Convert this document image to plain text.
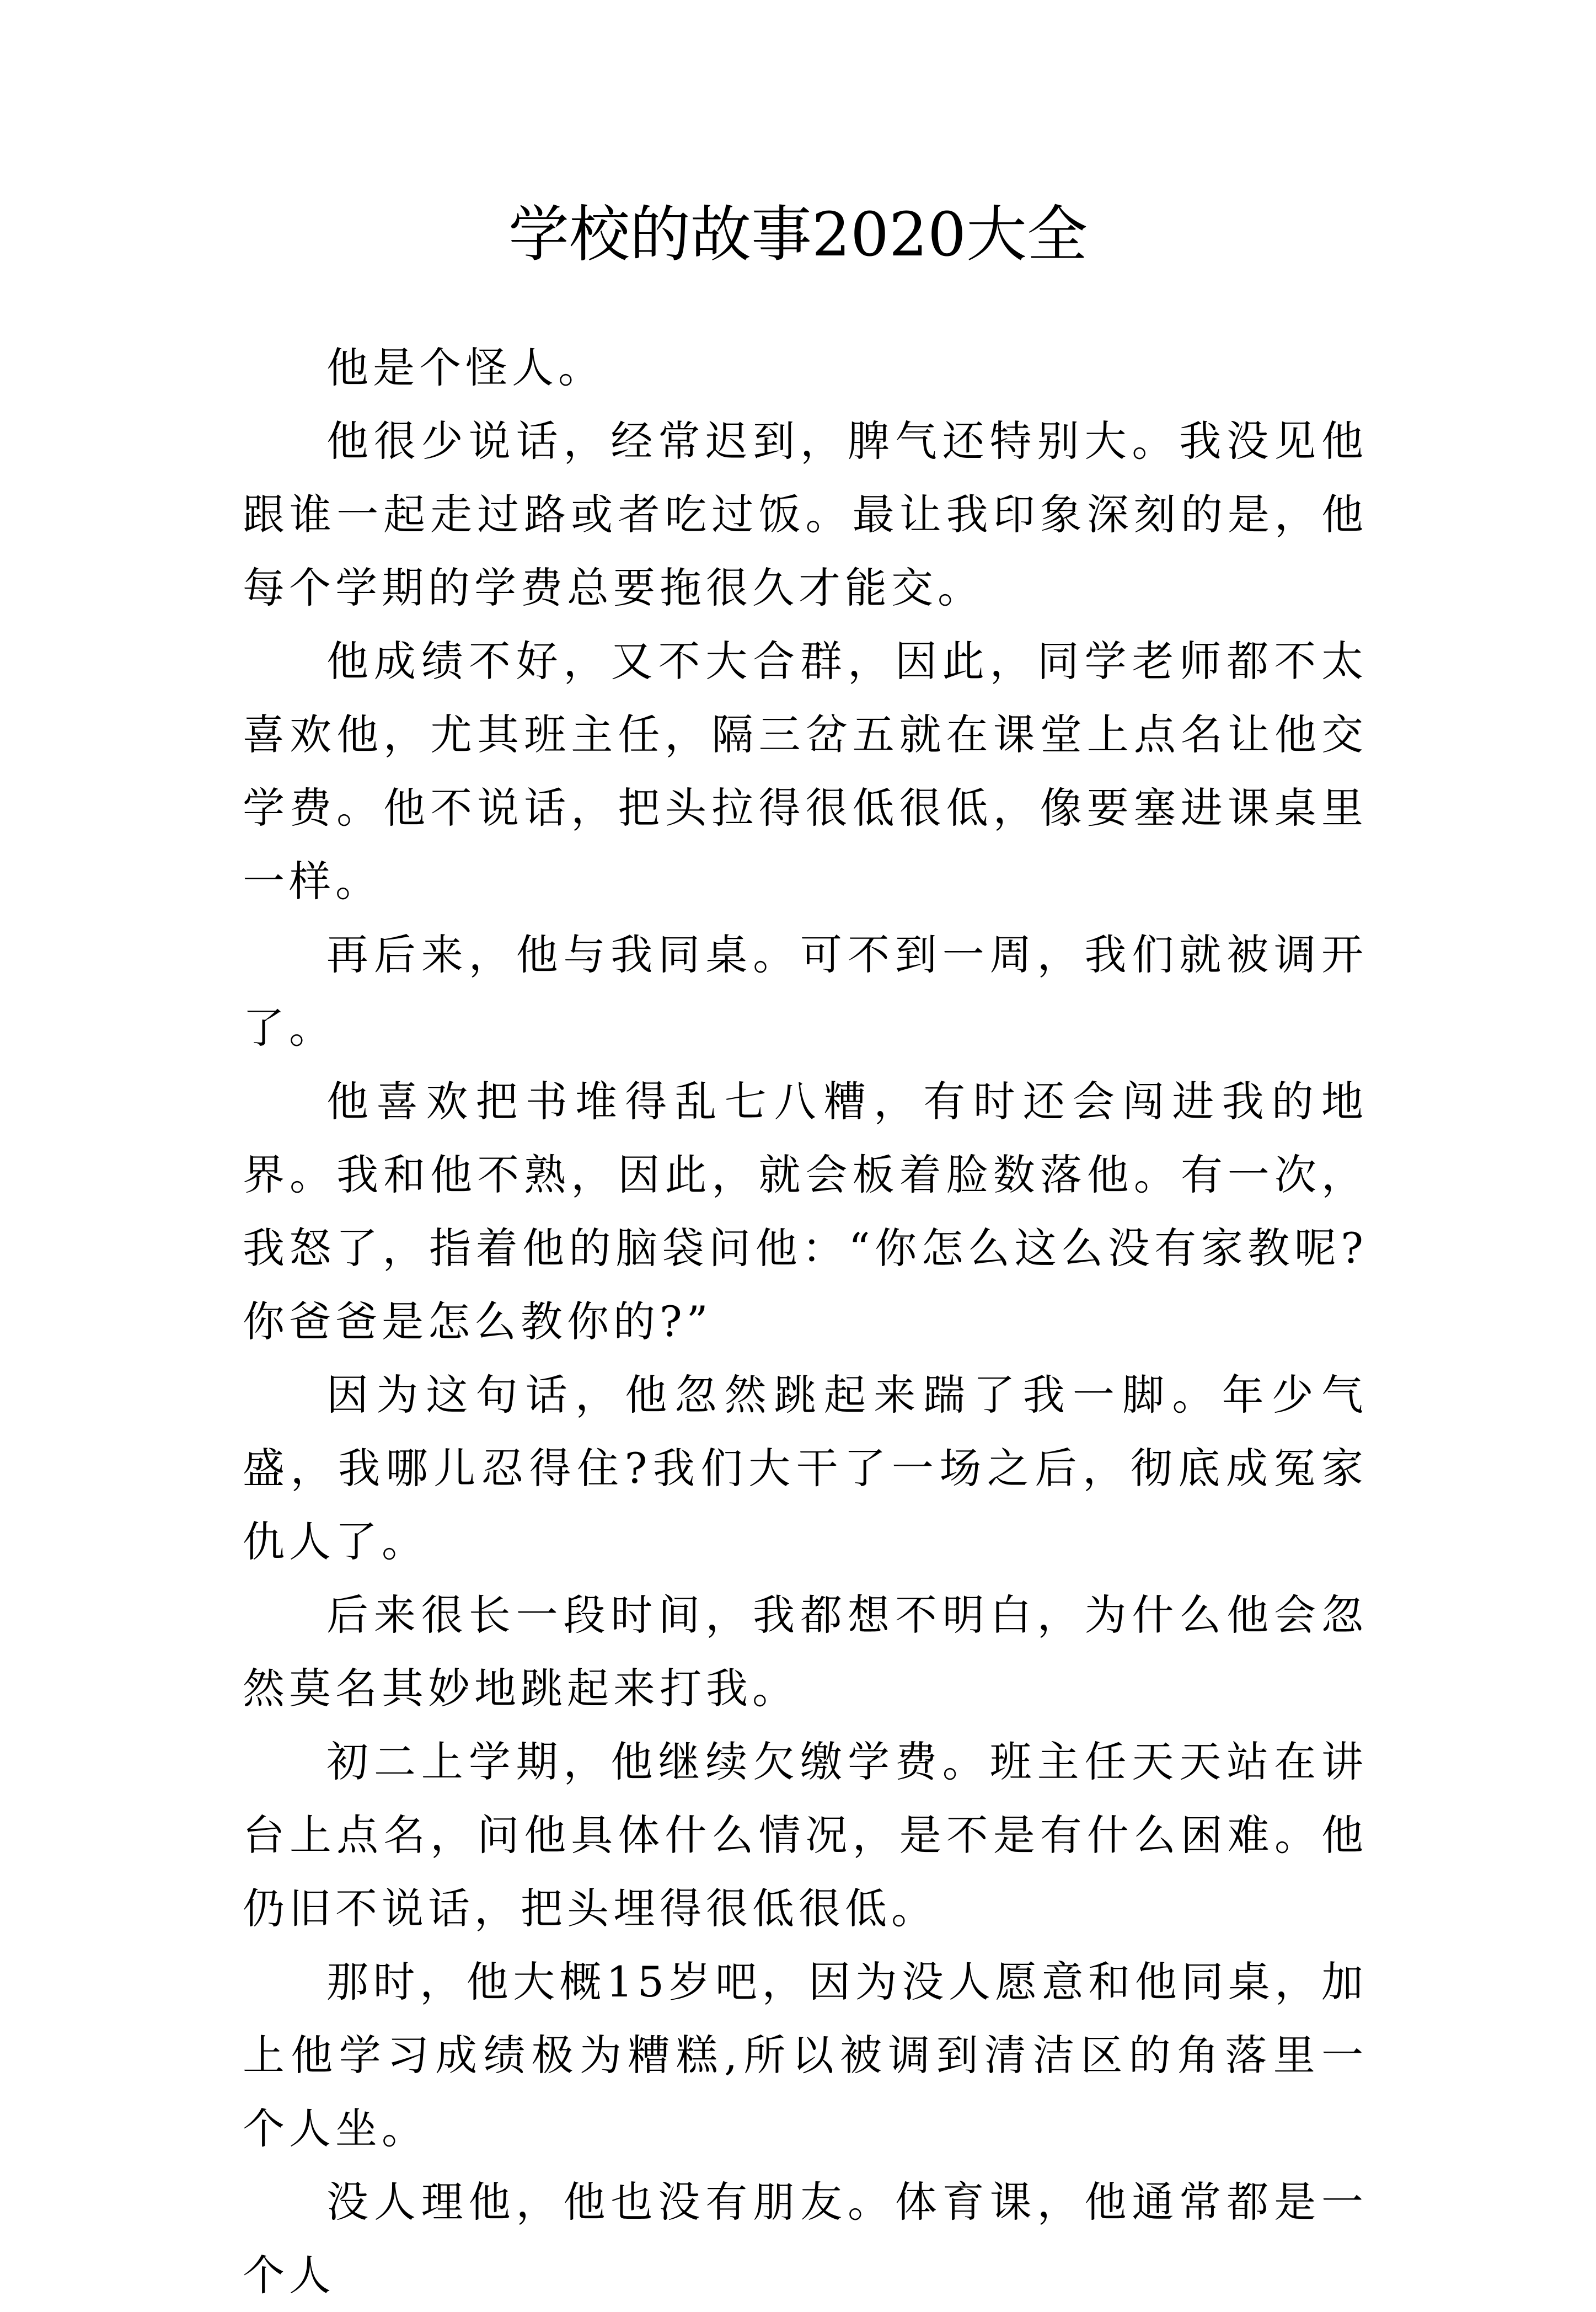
学校的故事2020大全

他是个怪人。

他很少说话，经常迟到，脾气还特别大。我没见他跟谁一起走过路或者吃过饭。最让我印象深刻的是，他每个学期的学费总要拖很久才能交。

他成绩不好，又不大合群，因此，同学老师都不太喜欢他，尤其班主任，隔三岔五就在课堂上点名让他交学费。他不说话，把头拉得很低很低，像要塞进课桌里一样。

再后来，他与我同桌。可不到一周，我们就被调开了。

他喜欢把书堆得乱七八糟，有时还会闯进我的地界。我和他不熟，因此，就会板着脸数落他。有一次，我怒了，指着他的脑袋问他：“你怎么这么没有家教呢?你爸爸是怎么教你的?”

因为这句话，他忽然跳起来踹了我一脚。年少气盛，我哪儿忍得住?我们大干了一场之后，彻底成冤家仇人了。

后来很长一段时间，我都想不明白，为什么他会忽然莫名其妙地跳起来打我。

初二上学期，他继续欠缴学费。班主任天天站在讲台上点名，问他具体什么情况，是不是有什么困难。他仍旧不说话，把头埋得很低很低。

那时，他大概15岁吧，因为没人愿意和他同桌，加上他学习成绩极为糟糕,所以被调到清洁区的角落里一个人坐。

没人理他，他也没有朋友。体育课，他通常都是一个人
